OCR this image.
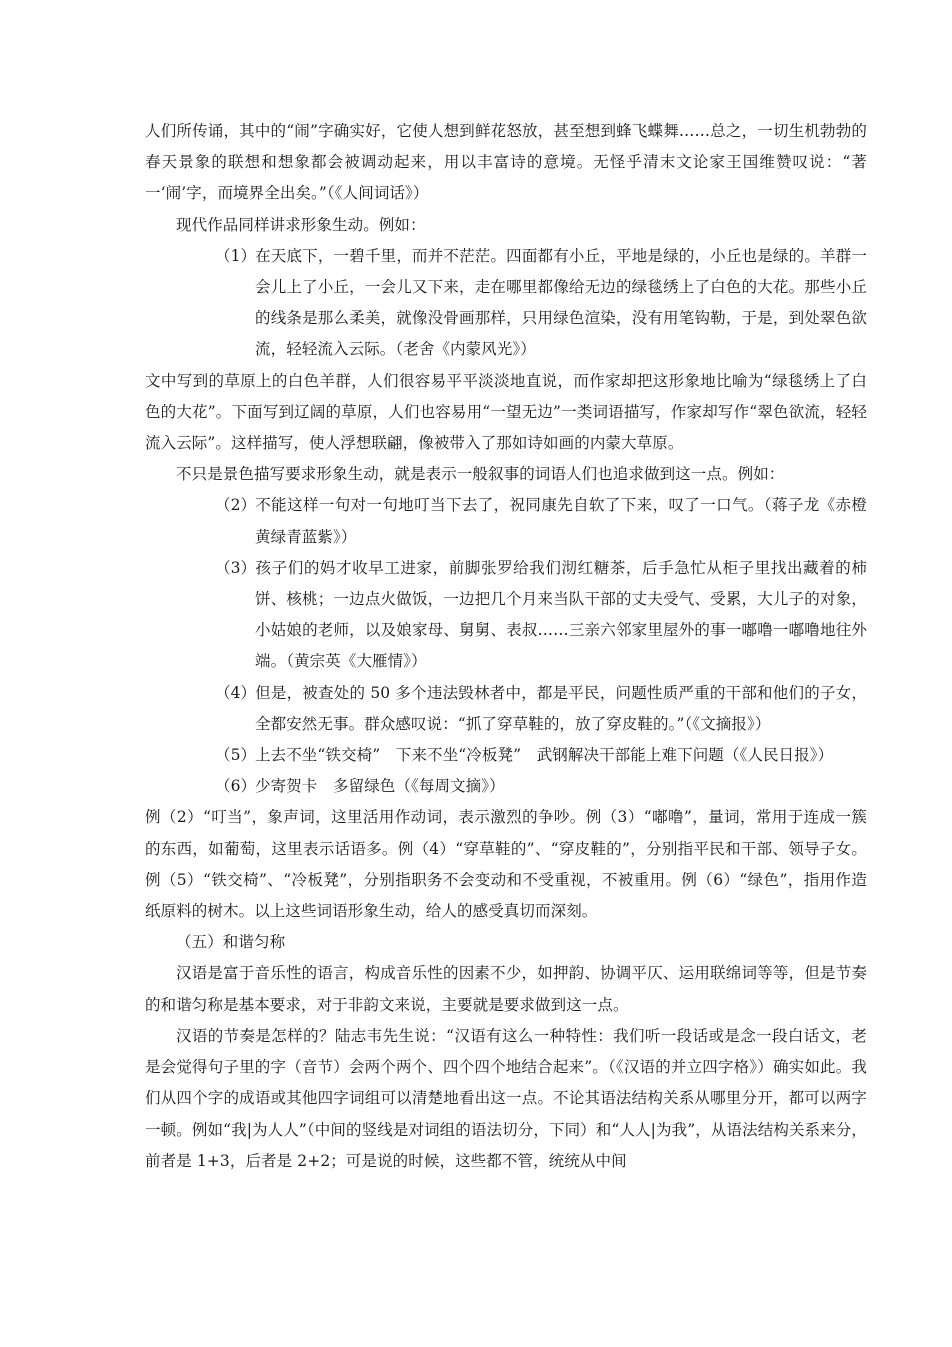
人们所传诵，其中的“闹”字确实好，它使人想到鲜花怒放，甚至想到蜂飞蝶舞……总之，一切生机勃勃的春天景象的联想和想象都会被调动起来，用以丰富诗的意境。无怪乎清末文论家王国维赞叹说：“著一‘闹’字，而境界全出矣。”（《人间词话》）

现代作品同样讲求形象生动。例如：

（1）在天底下，一碧千里，而并不茫茫。四面都有小丘，平地是绿的，小丘也是绿的。羊群一会儿上了小丘，一会儿又下来，走在哪里都像给无边的绿毯绣上了白色的大花。那些小丘的线条是那么柔美，就像没骨画那样，只用绿色渲染，没有用笔钩勒，于是，到处翠色欲流，轻轻流入云际。（老舍《内蒙风光》）

文中写到的草原上的白色羊群，人们很容易平平淡淡地直说，而作家却把这形象地比喻为“绿毯绣上了白色的大花”。下面写到辽阔的草原，人们也容易用“一望无边”一类词语描写，作家却写作“翠色欲流，轻轻流入云际”。这样描写，使人浮想联翩，像被带入了那如诗如画的内蒙大草原。

不只是景色描写要求形象生动，就是表示一般叙事的词语人们也追求做到这一点。例如：

（2）不能这样一句对一句地叮当下去了，祝同康先自软了下来，叹了一口气。（蒋子龙《赤橙黄绿青蓝紫》）

（3）孩子们的妈才收早工进家，前脚张罗给我们沏红糖茶，后手急忙从柜子里找出藏着的柿饼、核桃；一边点火做饭，一边把几个月来当队干部的丈夫受气、受累，大儿子的对象，小姑娘的老师，以及娘家母、舅舅、表叔……三亲六邻家里屋外的事一嘟噜一嘟噜地往外端。（黄宗英《大雁情》）

（4）但是，被查处的 50 多个违法毁林者中，都是平民，问题性质严重的干部和他们的子女，全都安然无事。群众感叹说：“抓了穿草鞋的，放了穿皮鞋的。”（《文摘报》）

（5）上去不坐“铁交椅”　下来不坐“冷板凳”　武钢解决干部能上难下问题（《人民日报》）

（6）少寄贺卡　多留绿色（《每周文摘》）

例（2）“叮当”，象声词，这里活用作动词，表示激烈的争吵。例（3）“嘟噜”，量词，常用于连成一簇的东西，如葡萄，这里表示话语多。例（4）“穿草鞋的”、“穿皮鞋的”，分别指平民和干部、领导子女。例（5）“铁交椅”、“冷板凳”，分别指职务不会变动和不受重视，不被重用。例（6）“绿色”，指用作造纸原料的树木。以上这些词语形象生动，给人的感受真切而深刻。

（五）和谐匀称

汉语是富于音乐性的语言，构成音乐性的因素不少，如押韵、协调平仄、运用联绵词等等，但是节奏的和谐匀称是基本要求，对于非韵文来说，主要就是要求做到这一点。

汉语的节奏是怎样的？陆志韦先生说：“汉语有这么一种特性：我们听一段话或是念一段白话文，老是会觉得句子里的字（音节）会两个两个、四个四个地结合起来”。（《汉语的并立四字格》）确实如此。我们从四个字的成语或其他四字词组可以清楚地看出这一点。不论其语法结构关系从哪里分开，都可以两字一顿。例如“我|为人人”（中间的竖线是对词组的语法切分，下同）和“人人|为我”，从语法结构关系来分，前者是 1+3，后者是 2+2；可是说的时候，这些都不管，统统从中间
